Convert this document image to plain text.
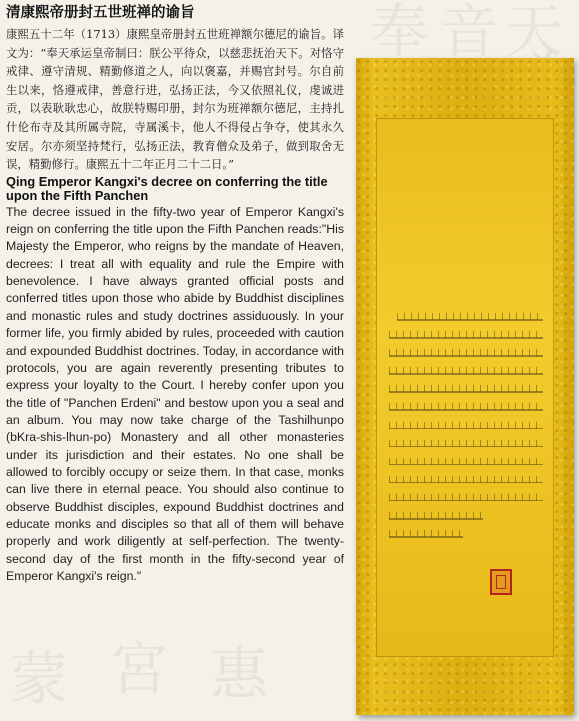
奉 音 天
蒙 宮 惠
清康熙帝册封五世班禅的谕旨

康熙五十二年（1713）康熙皇帝册封五世班禅额尔德尼的谕旨。译文为：“奉天承运皇帝制曰：朕公平待众，以慈悲抚治天下。对恪守戒律、遵守清规、精勤修道之人，向以褒嘉，并赐官封号。尔自前生以来，恪遵戒律，善意行进，弘扬正法，今又依照礼仪，虔诚进贡，以表耿耿忠心，故朕特赐印册，封尔为班禅额尔德尼，主持扎什伦布寺及其所属寺院，寺属溪卡，他人不得侵占争夺，使其永久安居。尔亦须坚持梵行，弘扬正法，教育僧众及弟子，做到取舍无误，精勤修行。康熙五十二年正月二十二日。”

Qing Emperor Kangxi's decree on conferring the title upon the Fifth Panchen

The decree issued in the fifty-two year of Emperor Kangxi's reign on conferring the title upon the Fifth Panchen reads:"His Majesty the Emperor, who reigns by the mandate of Heaven, decrees: I treat all with equality and rule the Empire with benevolence. I have always granted official posts and conferred titles upon those who abide by Buddhist disciplines and monastic rules and study doctrines assiduously. In your former life, you firmly abided by rules, proceeded with caution and expounded Buddhist doctrines. Today, in accordance with protocols, you are again reverently presenting tributes to express your loyalty to the Court. I hereby confer upon you the title of "Panchen Erdeni" and bestow upon you a seal and an album. You may now take charge of the Tashilhunpo (bKra-shis-lhun-po) Monastery and all other monasteries under its jurisdiction and their estates. No one shall be allowed to forcibly occupy or seize them. In that case, monks can live there in eternal peace. You should also continue to observe Buddhist disciples, expound Buddhist doctrines and educate monks and disciples so that all of them will behave properly and work diligently at self-perfection. The twenty-second day of the first month in the fifty-second year of Emperor Kangxi's reign."
